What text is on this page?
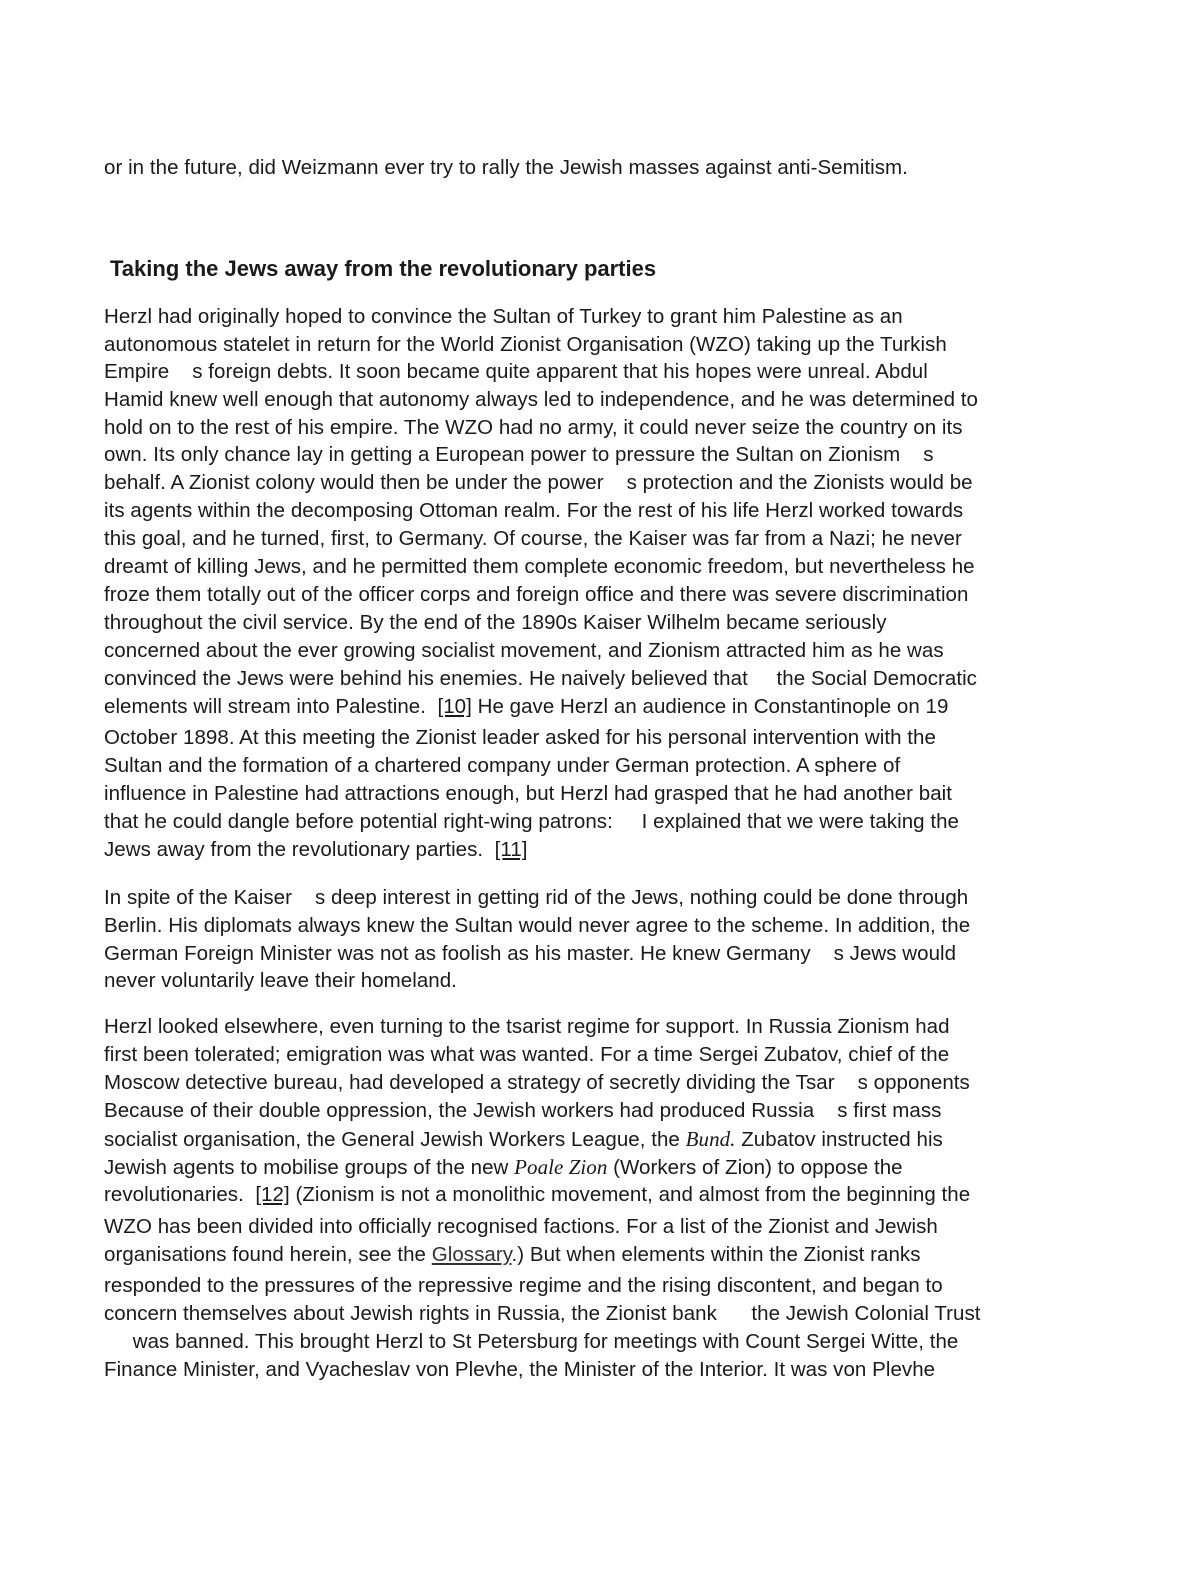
or in the future, did Weizmann ever try to rally the Jewish masses against anti-Semitism.

Taking the Jews away from the revolutionary parties

Herzl had originally hoped to convince the Sultan of Turkey to grant him Palestine as an

autonomous statelet in return for the World Zionist Organisation (WZO) taking up the Turkish

Empire    s foreign debts. It soon became quite apparent that his hopes were unreal. Abdul

Hamid knew well enough that autonomy always led to independence, and he was determined to

hold on to the rest of his empire. The WZO had no army, it could never seize the country on its

own. Its only chance lay in getting a European power to pressure the Sultan on Zionism    s

behalf. A Zionist colony would then be under the power    s protection and the Zionists would be

its agents within the decomposing Ottoman realm. For the rest of his life Herzl worked towards

this goal, and he turned, first, to Germany. Of course, the Kaiser was far from a Nazi; he never

dreamt of killing Jews, and he permitted them complete economic freedom, but nevertheless he

froze them totally out of the officer corps and foreign office and there was severe discrimination

throughout the civil service. By the end of the 1890s Kaiser Wilhelm became seriously

concerned about the ever growing socialist movement, and Zionism attracted him as he was

convinced the Jews were behind his enemies. He naively believed that     the Social Democratic

elements will stream into Palestine.  [10] He gave Herzl an audience in Constantinople on 19

October 1898. At this meeting the Zionist leader asked for his personal intervention with the

Sultan and the formation of a chartered company under German protection. A sphere of

influence in Palestine had attractions enough, but Herzl had grasped that he had another bait

that he could dangle before potential right-wing patrons:     I explained that we were taking the

Jews away from the revolutionary parties.  [11]

In spite of the Kaiser    s deep interest in getting rid of the Jews, nothing could be done through

Berlin. His diplomats always knew the Sultan would never agree to the scheme. In addition, the

German Foreign Minister was not as foolish as his master. He knew Germany    s Jews would

never voluntarily leave their homeland.

Herzl looked elsewhere, even turning to the tsarist regime for support. In Russia Zionism had

first been tolerated; emigration was what was wanted. For a time Sergei Zubatov, chief of the

Moscow detective bureau, had developed a strategy of secretly dividing the Tsar    s opponents

Because of their double oppression, the Jewish workers had produced Russia    s first mass

socialist organisation, the General Jewish Workers League, the Bund. Zubatov instructed his

Jewish agents to mobilise groups of the new Poale Zion (Workers of Zion) to oppose the

revolutionaries.  [12] (Zionism is not a monolithic movement, and almost from the beginning the

WZO has been divided into officially recognised factions. For a list of the Zionist and Jewish

organisations found herein, see the Glossary.) But when elements within the Zionist ranks

responded to the pressures of the repressive regime and the rising discontent, and began to

concern themselves about Jewish rights in Russia, the Zionist bank      the Jewish Colonial Trust

was banned. This brought Herzl to St Petersburg for meetings with Count Sergei Witte, the

Finance Minister, and Vyacheslav von Plevhe, the Minister of the Interior. It was von Plevhe
